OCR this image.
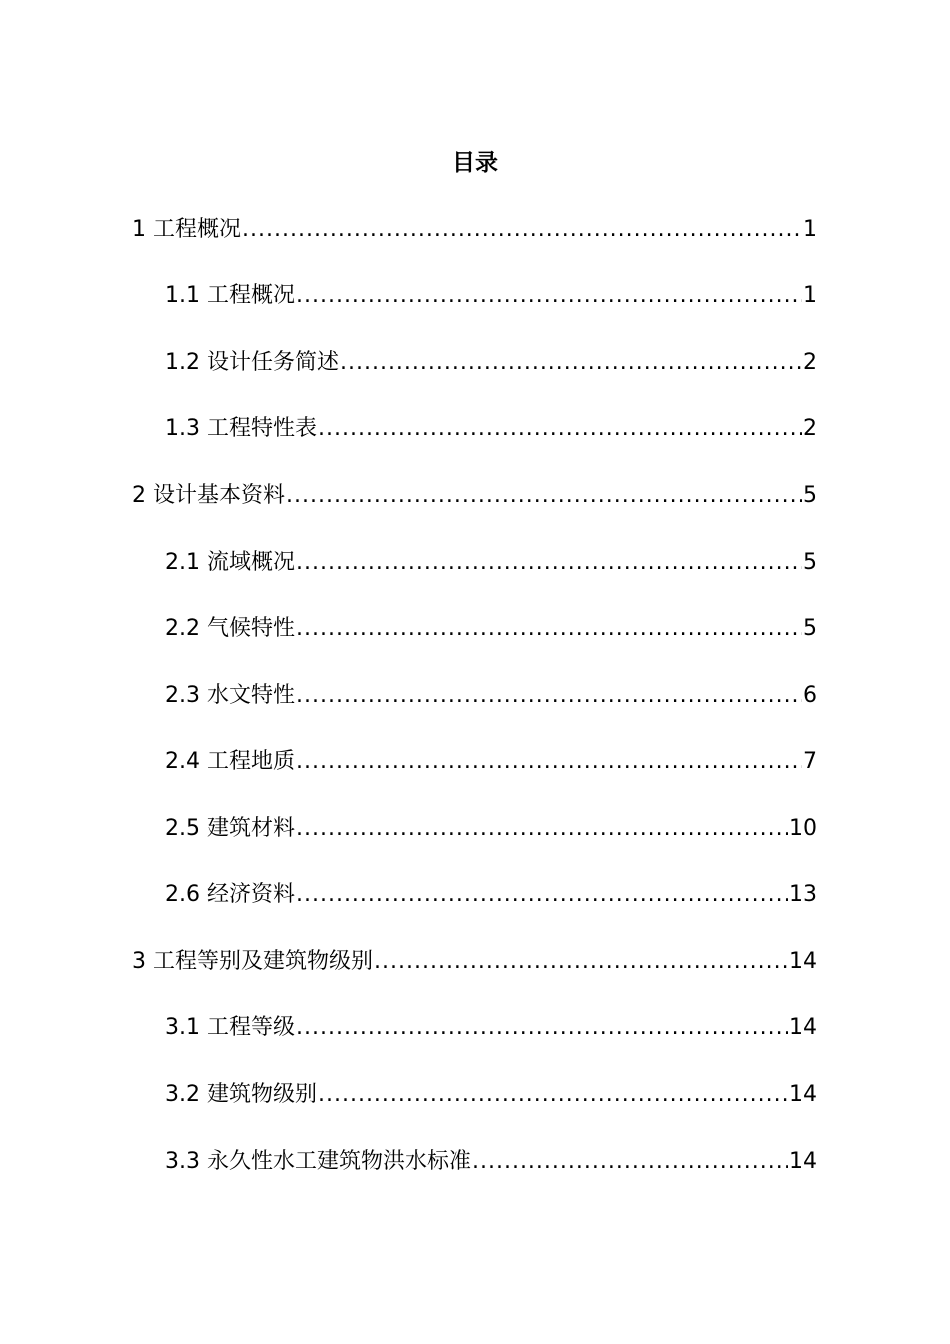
目录
1 工程概况 .....	1
1.1 工程概况 .....	1
1.2 设计任务简述 .....	2
1.3 工程特性表 .....	2
2 设计基本资料 .....	5
2.1 流域概况 .....	5
2.2 气候特性 .....	5
2.3 水文特性 .....	6
2.4 工程地质 .....	7
2.5 建筑材料 .....	10
2.6 经济资料 .....	13
3 工程等别及建筑物级别 .....	14
3.1 工程等级 .....	14
3.2 建筑物级别 .....	14
3.3 永久性水工建筑物洪水标准 .....	14
